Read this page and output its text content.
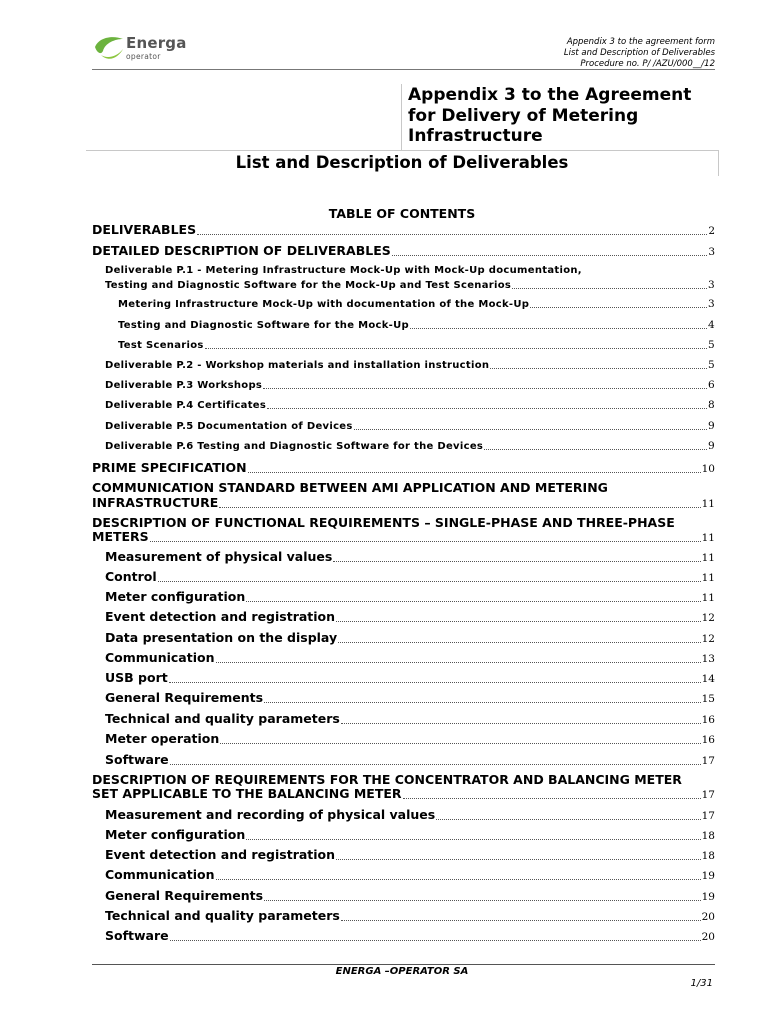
Energa
operator
Appendix 3 to the agreement form
List and Description of Deliverables
Procedure no. P/ /AZU/000__/12
Appendix 3 to the Agreement for Delivery of Metering Infrastructure
List and Description of Deliverables
TABLE OF CONTENTS
DELIVERABLES	2
DETAILED DESCRIPTION OF DELIVERABLES	3
Deliverable P.1 - Metering Infrastructure Mock-Up with Mock-Up documentation,
Testing and Diagnostic Software for the Mock-Up and Test Scenarios	3
Metering Infrastructure Mock-Up with documentation of the Mock-Up	3
Testing and Diagnostic Software for the Mock-Up	4
Test Scenarios	5
Deliverable P.2 - Workshop materials and installation instruction	5
Deliverable P.3 Workshops	6
Deliverable P.4 Certificates	8
Deliverable P.5 Documentation of Devices	9
Deliverable P.6 Testing and Diagnostic Software for the Devices	9
PRIME SPECIFICATION	10
COMMUNICATION STANDARD BETWEEN AMI APPLICATION AND METERING
INFRASTRUCTURE	11
DESCRIPTION OF FUNCTIONAL REQUIREMENTS – SINGLE-PHASE AND THREE-PHASE
METERS	11
Measurement of physical values	11
Control	11
Meter configuration	11
Event detection and registration	12
Data presentation on the display	12
Communication	13
USB port	14
General Requirements	15
Technical and quality parameters	16
Meter operation	16
Software	17
DESCRIPTION OF REQUIREMENTS FOR THE CONCENTRATOR AND BALANCING METER
SET APPLICABLE TO THE BALANCING METER	17
Measurement and recording of physical values	17
Meter configuration	18
Event detection and registration	18
Communication	19
General Requirements	19
Technical and quality parameters	20
Software	20
ENERGA –OPERATOR SA
1/31
